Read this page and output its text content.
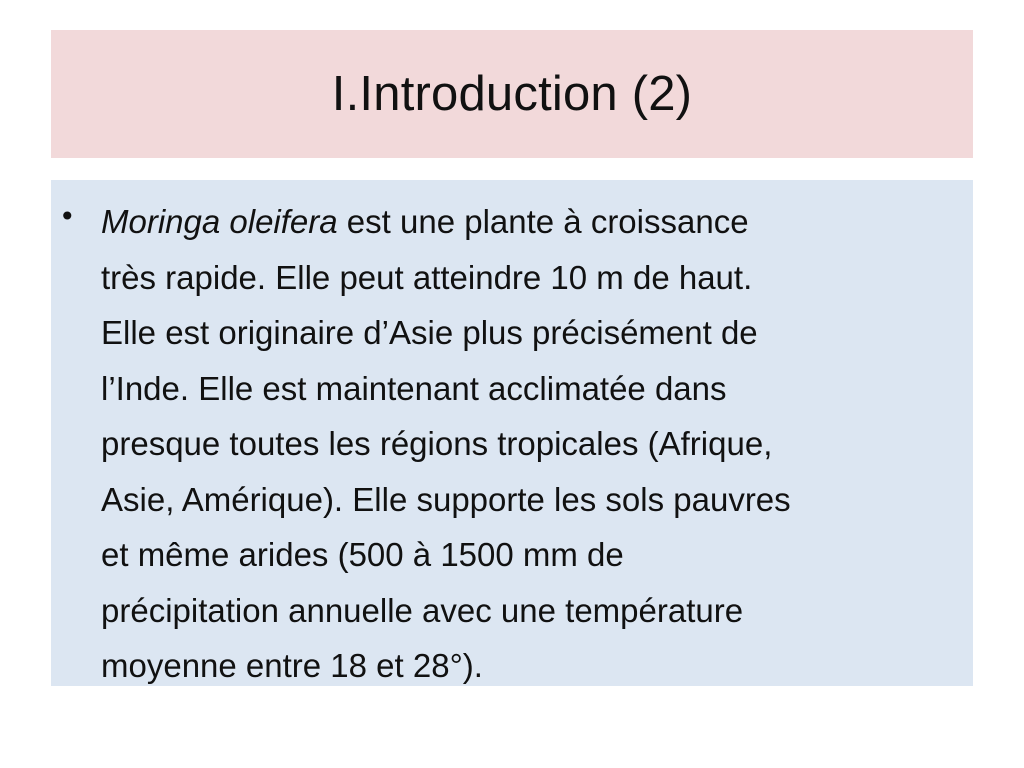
I.Introduction (2)
• Moringa oleifera est une plante à croissance
très rapide. Elle peut atteindre 10 m de haut.
Elle est originaire d’Asie plus précisément de
l’Inde. Elle est maintenant acclimatée dans
presque toutes les régions tropicales (Afrique,
Asie, Amérique). Elle supporte les sols pauvres
et même arides (500 à 1500 mm de
précipitation annuelle avec une température
moyenne entre 18 et 28°).
